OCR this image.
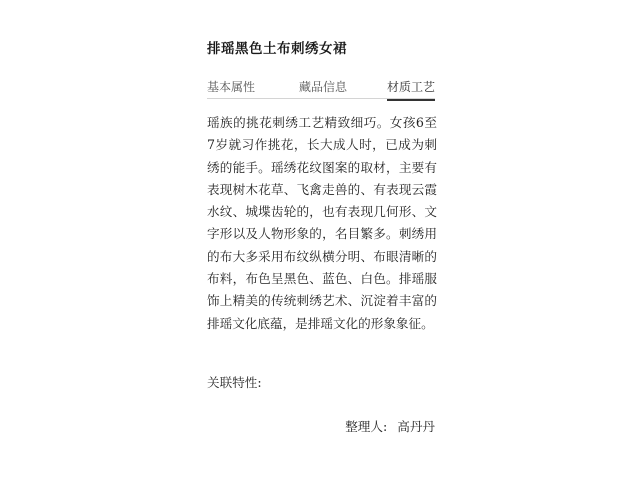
排瑶黑色土布刺绣女裙
基本属性	藏品信息	材质工艺
瑶族的挑花刺绣工艺精致细巧。女孩6至7岁就习作挑花，长大成人时，已成为刺绣的能手。瑶绣花纹图案的取材，主要有表现树木花草、飞禽走兽的、有表现云霞水纹、城堞齿轮的，也有表现几何形、文字形以及人物形象的，名目繁多。刺绣用的布大多采用布纹纵横分明、布眼清晰的布料，布色呈黑色、蓝色、白色。排瑶服饰上精美的传统刺绣艺术、沉淀着丰富的排瑶文化底蕴，是排瑶文化的形象象征。
关联特性:
整理人: 高丹丹
